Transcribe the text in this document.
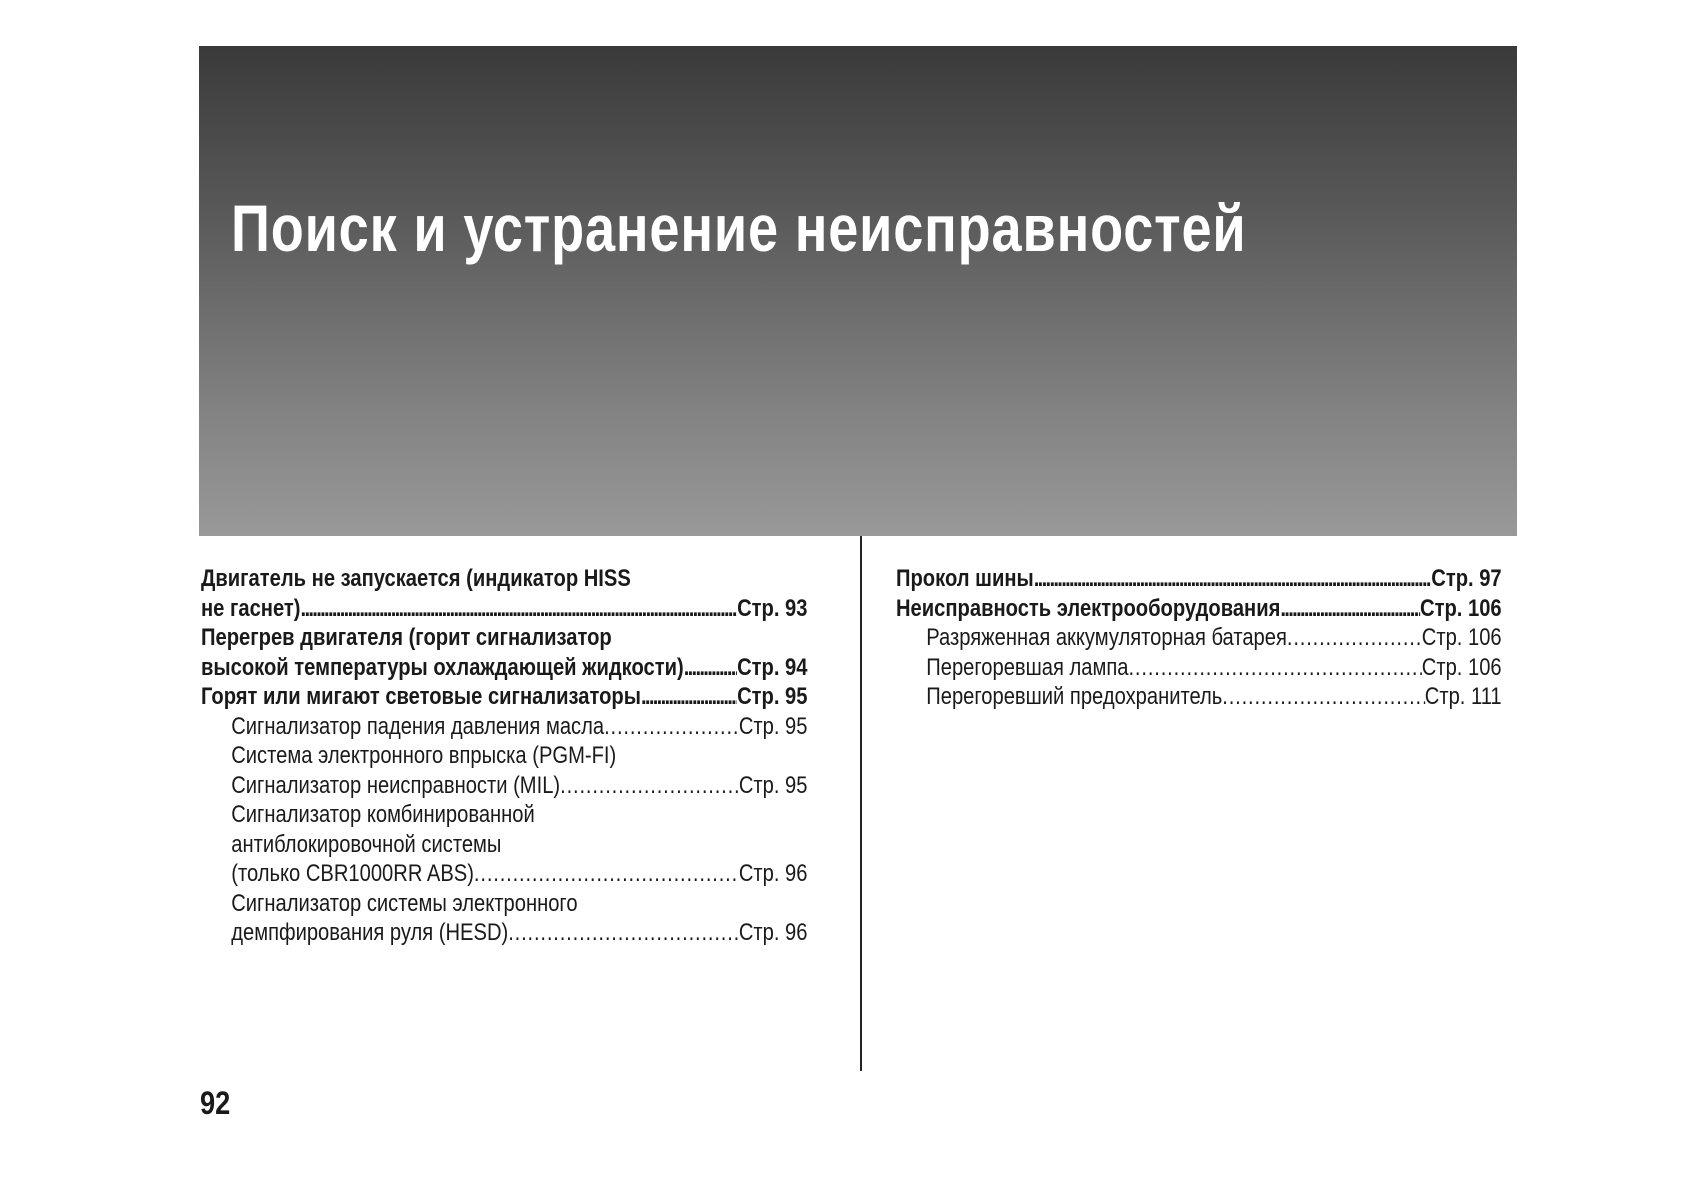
Поиск и устранение неисправностей
Двигатель не запускается (индикатор HISS
не гаснет) .....	Стр. 93
Перегрев двигателя (горит сигнализатор
высокой температуры охлаждающей жидкости) ..... Стр. 94
Горят или мигают световые сигнализаторы .....	Стр. 95
Сигнализатор падения давления масла .....	Стр. 95
Система электронного впрыска (PGM-FI)
Сигнализатор неисправности (MIL) .....	Стр. 95
Сигнализатор комбинированной
антиблокировочной системы
(только CBR1000RR ABS) .....	Стр. 96
Сигнализатор системы электронного
демпфирования руля (HESD) .....	Стр. 96
Прокол шины .....	Стр. 97
Неисправность электрооборудования .....	Стр. 106
Разряженная аккумуляторная батарея .....	Стр. 106
Перегоревшая лампа .....	Стр. 106
Перегоревший предохранитель .....	Стр. 111
92
